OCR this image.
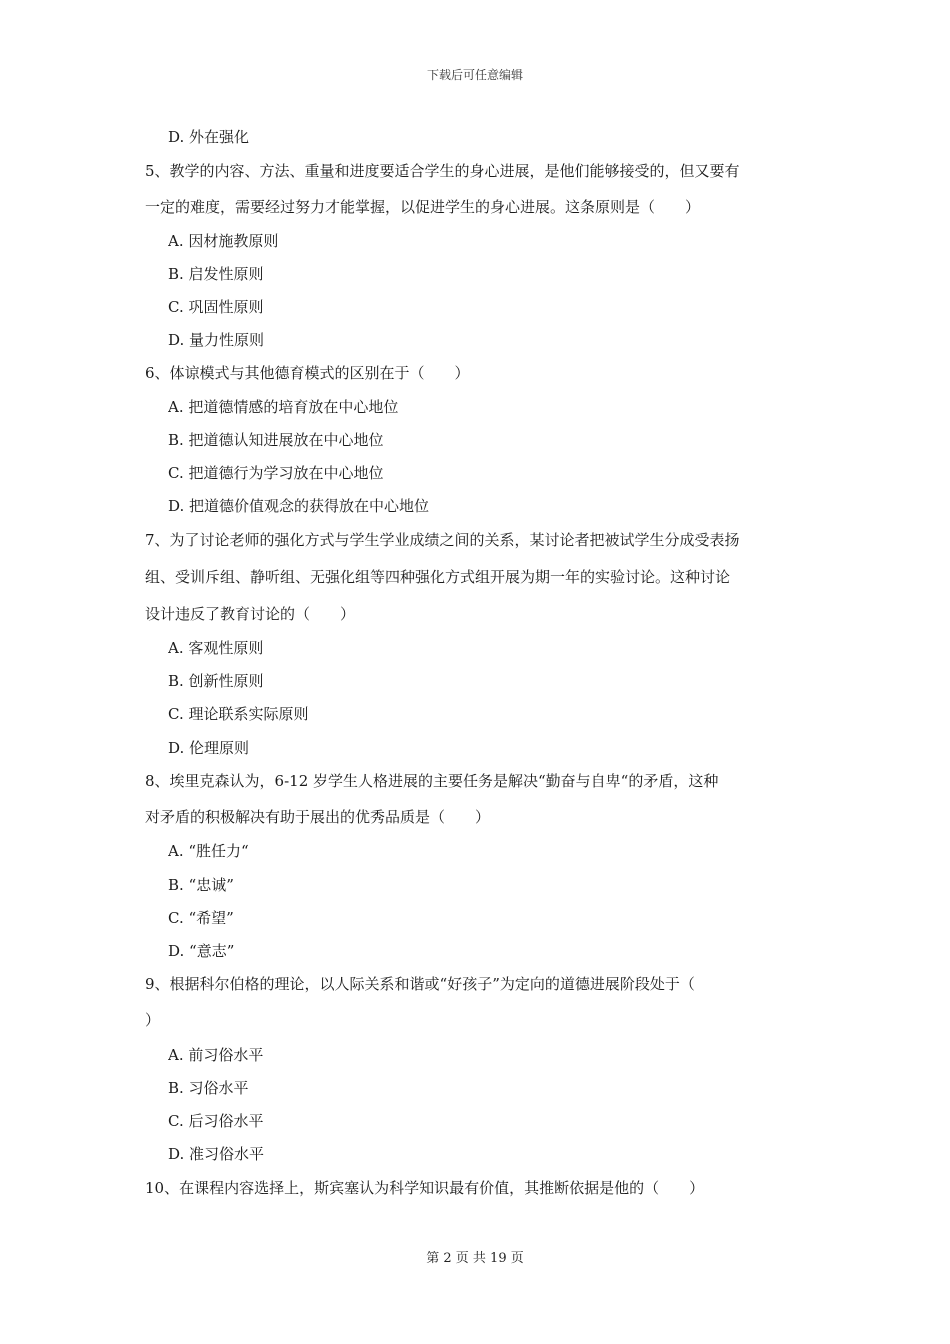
下载后可任意编辑
D. 外在强化
5、教学的内容、方法、重量和进度要适合学生的身心进展，是他们能够接受的，但又要有
一定的难度，需要经过努力才能掌握，以促进学生的身心进展。这条原则是（　　）
A. 因材施教原则
B. 启发性原则
C. 巩固性原则
D. 量力性原则
6、体谅模式与其他德育模式的区别在于（　　）
A. 把道德情感的培育放在中心地位
B. 把道德认知进展放在中心地位
C. 把道德行为学习放在中心地位
D. 把道德价值观念的获得放在中心地位
7、为了讨论老师的强化方式与学生学业成绩之间的关系，某讨论者把被试学生分成受表扬
组、受训斥组、静听组、无强化组等四种强化方式组开展为期一年的实验讨论。这种讨论
设计违反了教育讨论的（　　）
A. 客观性原则
B. 创新性原则
C. 理论联系实际原则
D. 伦理原则
8、埃里克森认为，6-12 岁学生人格进展的主要任务是解决“勤奋与自卑“的矛盾，这种
对矛盾的积极解决有助于展出的优秀品质是（　　）
A. “胜任力“
B. “忠诚”
C. “希望”
D. “意志”
9、根据科尔伯格的理论，以人际关系和谐或“好孩子”为定向的道德进展阶段处于（
）
A. 前习俗水平
B. 习俗水平
C. 后习俗水平
D. 准习俗水平
10、在课程内容选择上，斯宾塞认为科学知识最有价值，其推断依据是他的（　　）
第 2 页 共 19 页
